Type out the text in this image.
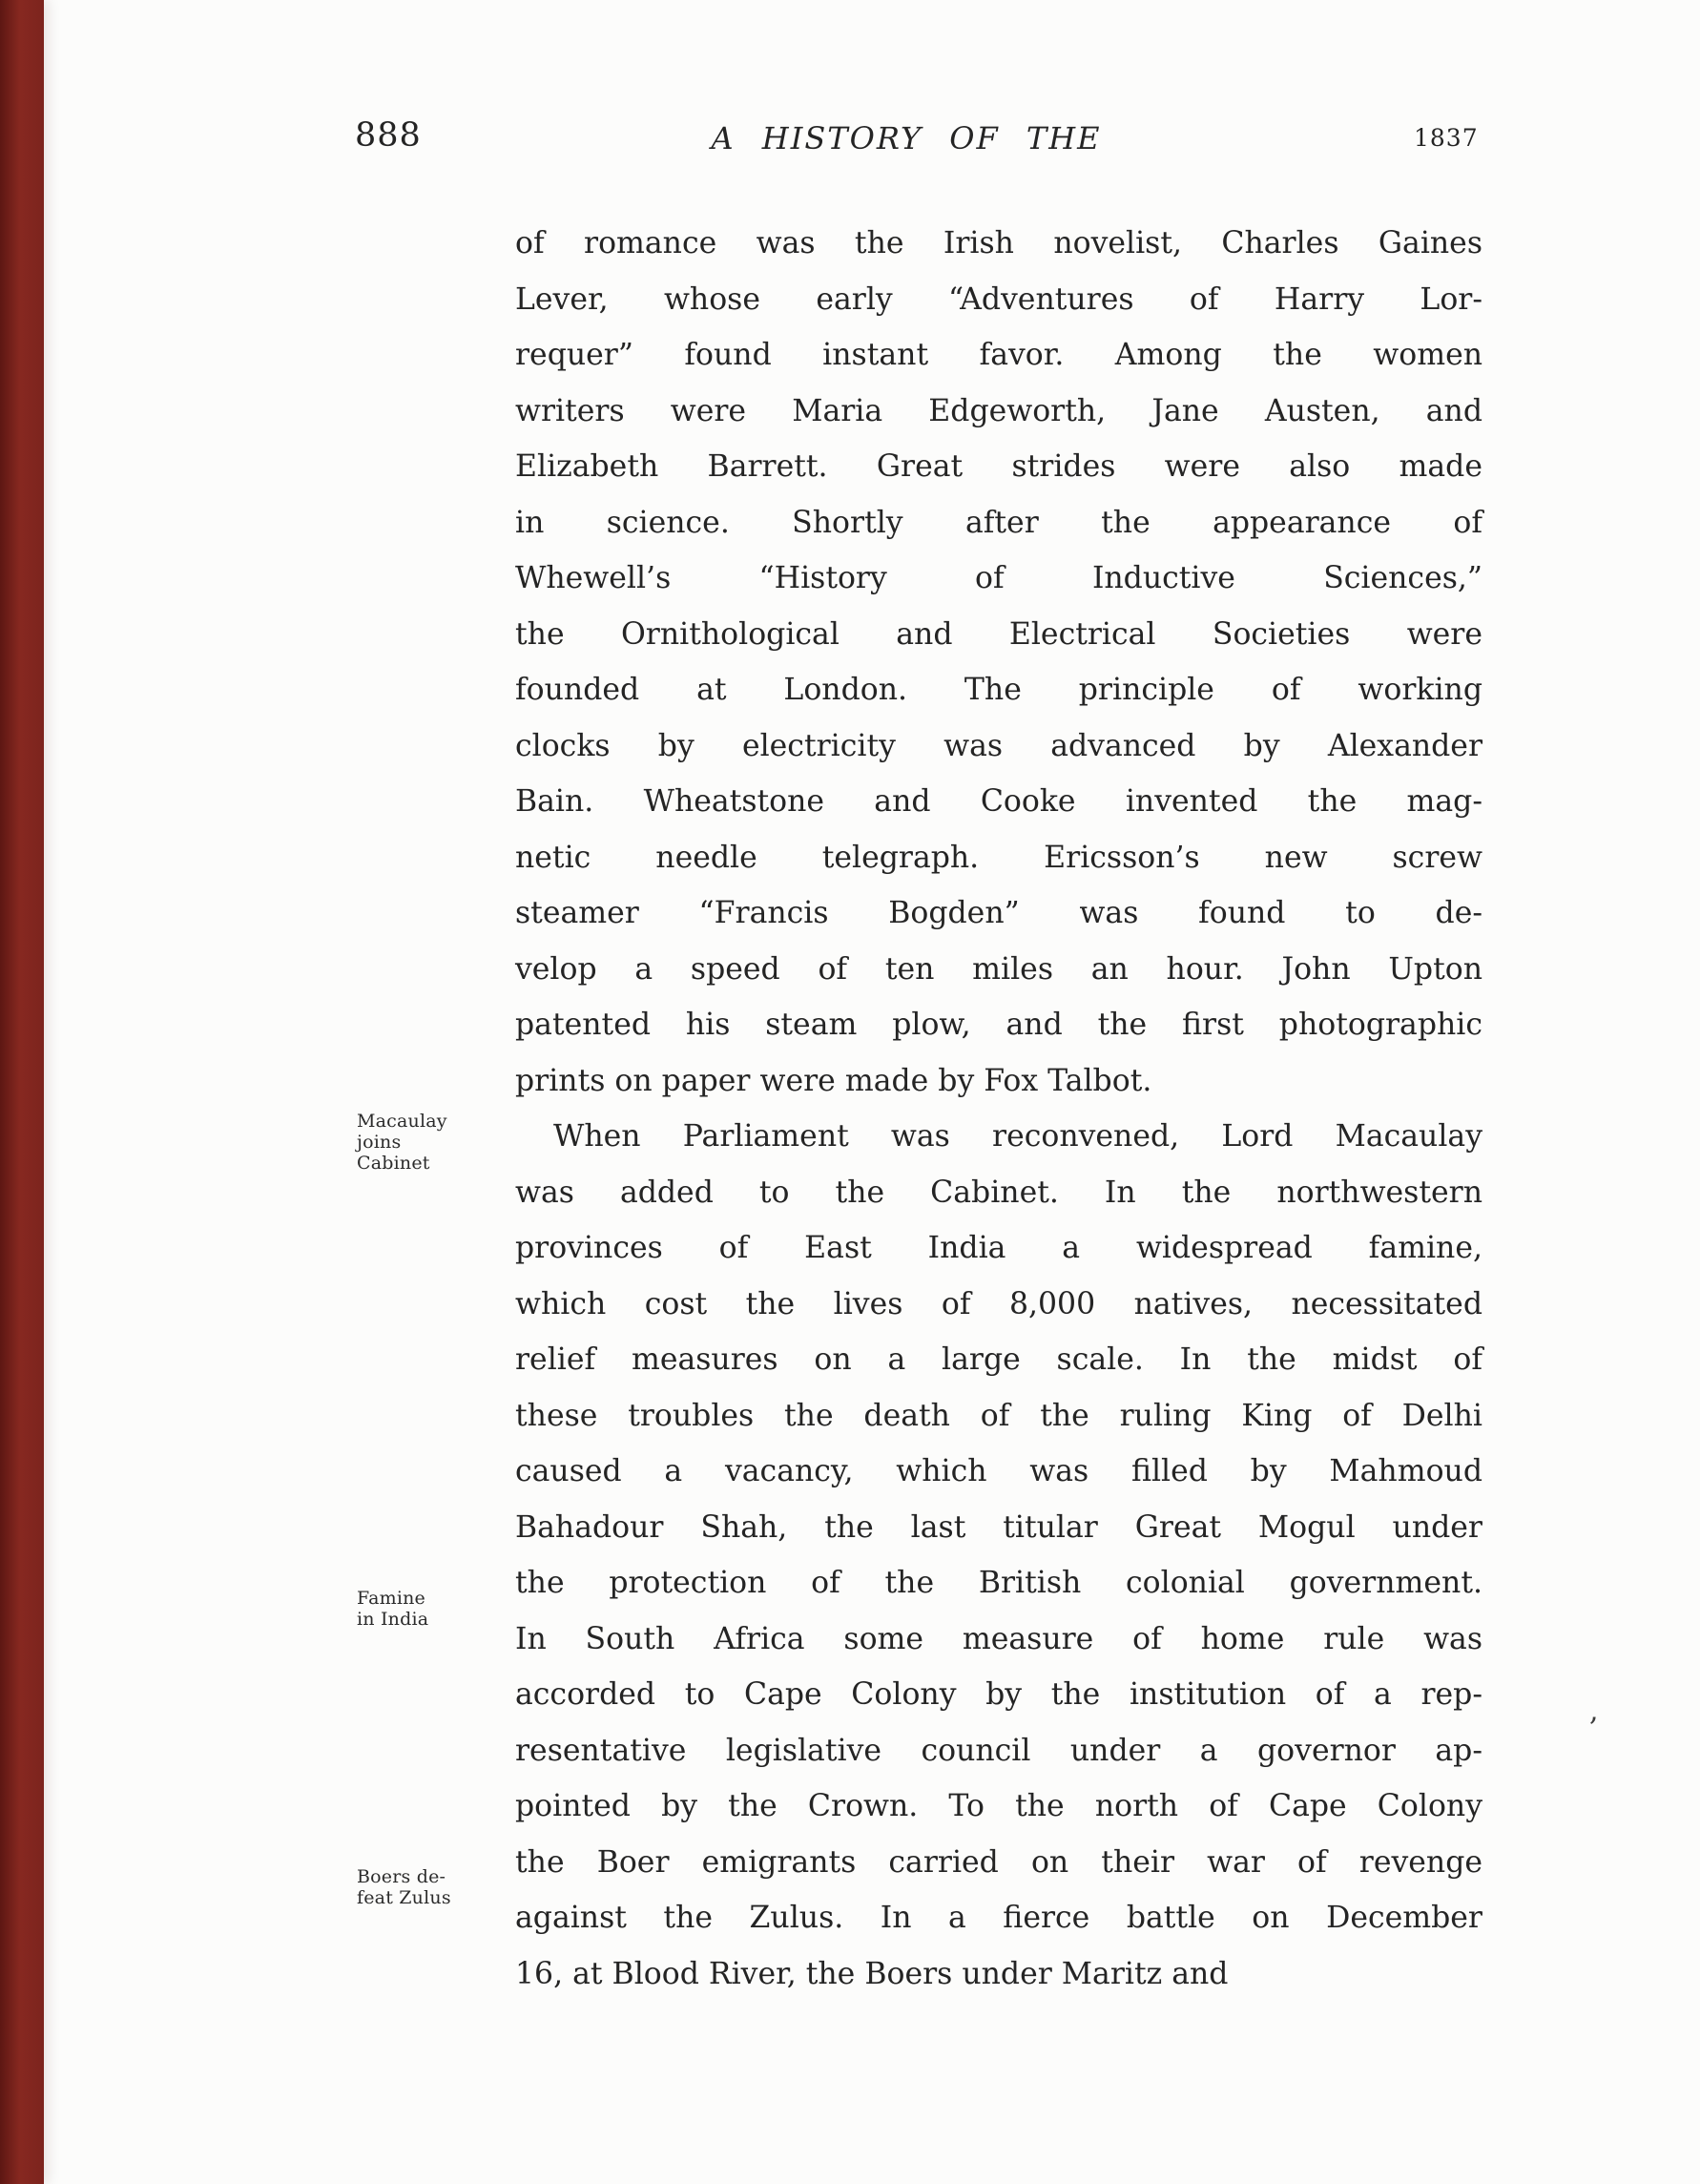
888	A HISTORY OF THE	1837
of romance was the Irish novelist, Charles Gaines
Lever, whose early “Adventures of Harry Lor-
requer” found instant favor. Among the women
writers were Maria Edgeworth, Jane Austen, and
Elizabeth Barrett. Great strides were also made
in science. Shortly after the appearance of
Whewell’s “History of Inductive Sciences,”
the Ornithological and Electrical Societies were
founded at London. The principle of working
clocks by electricity was advanced by Alexander
Bain. Wheatstone and Cooke invented the mag-
netic needle telegraph. Ericsson’s new screw
steamer “Francis Bogden” was found to de-
velop a speed of ten miles an hour. John Upton
patented his steam plow, and the first photographic
prints on paper were made by Fox Talbot.
When Parliament was reconvened, Lord Macaulay
was added to the Cabinet. In the northwestern
provinces of East India a widespread famine,
which cost the lives of 8,000 natives, necessitated
relief measures on a large scale. In the midst of
these troubles the death of the ruling King of Delhi
caused a vacancy, which was filled by Mahmoud
Bahadour Shah, the last titular Great Mogul under
the protection of the British colonial government.
In South Africa some measure of home rule was
accorded to Cape Colony by the institution of a rep-
resentative legislative council under a governor ap-
pointed by the Crown. To the north of Cape Colony
the Boer emigrants carried on their war of revenge
against the Zulus. In a fierce battle on December
16, at Blood River, the Boers under Maritz and
Macaulay
joins
Cabinet
Famine
in India
Boers de-
feat Zulus
,
